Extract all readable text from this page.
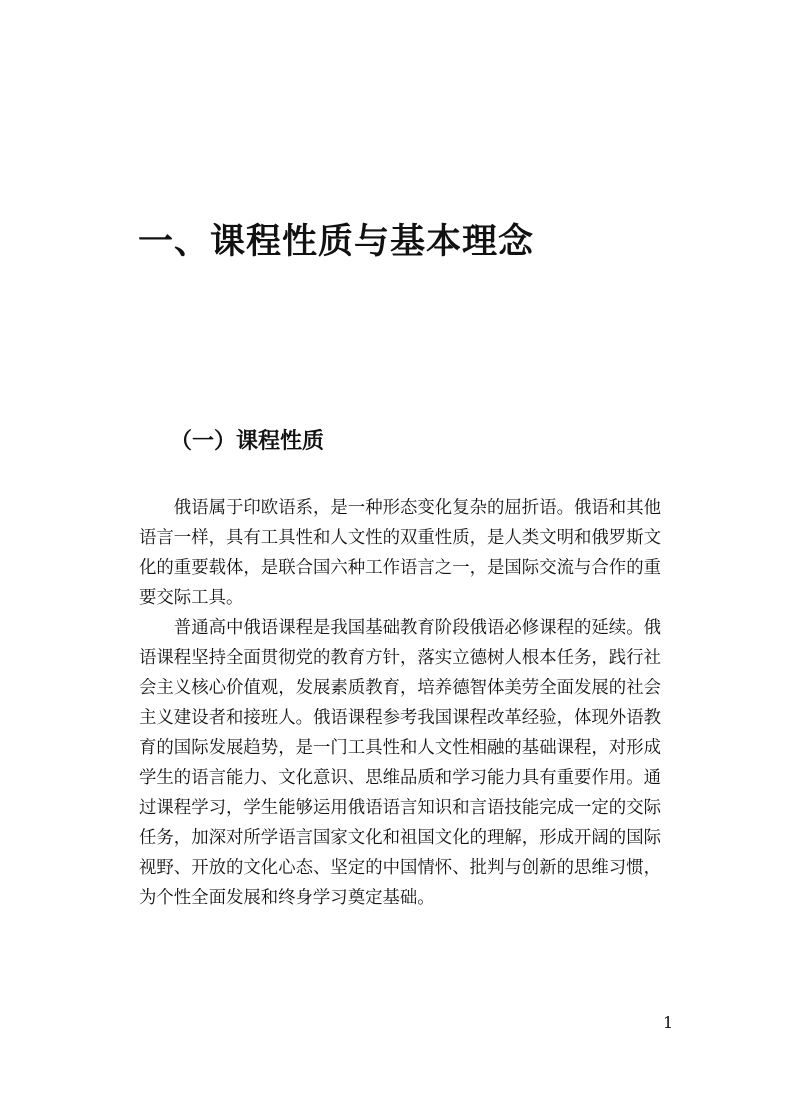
一、课程性质与基本理念
（一）课程性质

俄语属于印欧语系，是一种形态变化复杂的屈折语。俄语和其他语言一样，具有工具性和人文性的双重性质，是人类文明和俄罗斯文化的重要载体，是联合国六种工作语言之一，是国际交流与合作的重要交际工具。

普通高中俄语课程是我国基础教育阶段俄语必修课程的延续。俄语课程坚持全面贯彻党的教育方针，落实立德树人根本任务，践行社会主义核心价值观，发展素质教育，培养德智体美劳全面发展的社会主义建设者和接班人。俄语课程参考我国课程改革经验，体现外语教育的国际发展趋势，是一门工具性和人文性相融的基础课程，对形成学生的语言能力、文化意识、思维品质和学习能力具有重要作用。通过课程学习，学生能够运用俄语语言知识和言语技能完成一定的交际任务，加深对所学语言国家文化和祖国文化的理解，形成开阔的国际视野、开放的文化心态、坚定的中国情怀、批判与创新的思维习惯，为个性全面发展和终身学习奠定基础。

1
